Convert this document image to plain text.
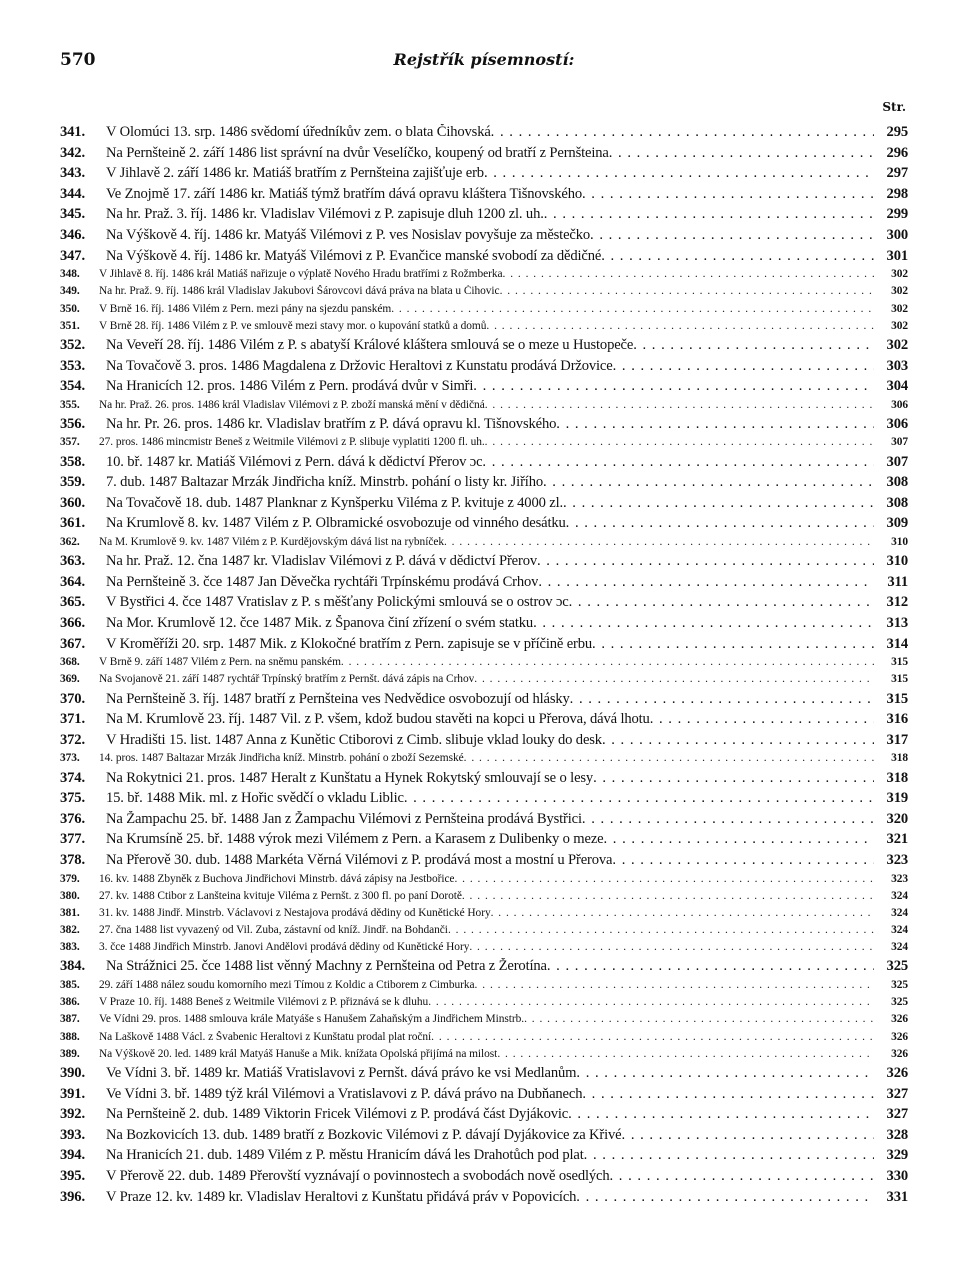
570	Rejstřík písemností:
Str.
341.	V Olomúci 13. srp. 1486 svědomí úředníkův zem. o blata Čihovská . . .	295
342.	Na Pernšteině 2. září 1486 list správní na dvůr Veselíčko, koupený od bratří z Pernšteina . . .	296
343.	V Jihlavě 2. září 1486 kr. Matiáš bratřím z Pernšteina zajišťuje erb . . .	297
344.	Ve Znojmě 17. září 1486 kr. Matiáš týmž bratřím dává opravu kláštera Tišnovského . . .	298
345.	Na hr. Praž. 3. říj. 1486 kr. Vladislav Vilémovi z P. zapisuje dluh 1200 zl. uh. . . .	299
346.	Na Výškově 4. říj. 1486 kr. Matyáš Vilémovi z P. ves Nosislav povyšuje za městečko . . .	300
347.	Na Výškově 4. říj. 1486 kr. Matyáš Vilémovi z P. Evančice manské svobodí za dědičné . . .	301
348.	V Jihlavě 8. říj. 1486 král Matiáš nařizuje o výplatě Nového Hradu bratřími z Rožmberka . . .	302
349.	Na hr. Praž. 9. říj. 1486 král Vladislav Jakubovi Šárovcovi dává práva na blata u Čihovic . . .	302
350.	V Brně 16. říj. 1486 Vilém z Pern. mezi pány na sjezdu panském . . .	302
351.	V Brně 28. říj. 1486 Vilém z P. ve smlouvě mezi stavy mor. o kupování statků a domů . . .	302
352.	Na Veveří 28. říj. 1486 Vilém z P. s abatyší Králové kláštera smlouvá se o meze u Hustopeče . . .	302
353.	Na Tovačově 3. pros. 1486 Magdalena z Držovic Heraltovi z Kunstatu prodává Držovice . . .	303
354.	Na Hranicích 12. pros. 1486 Vilém z Pern. prodává dvůr v Simři . . .	304
355.	Na hr. Praž. 26. pros. 1486 král Vladislav Vilémovi z P. zboží manská mění v dědičná . . .	306
356.	Na hr. Pr. 26. pros. 1486 kr. Vladislav bratřím z P. dává opravu kl. Tišnovského . . .	306
357.	27. pros. 1486 mincmistr Beneš z Weitmile Vilémovi z P. slibuje vyplatiti 1200 fl. uh. . . .	307
358.	10. bř. 1487 kr. Matiáš Vilémovi z Pern. dává k dědictví Přerov ɔc . . .	307
359.	7. dub. 1487 Baltazar Mrzák Jindřicha kníž. Minstrb. pohání o listy kr. Jiřího . . .	308
360.	Na Tovačově 18. dub. 1487 Planknar z Kynšperku Viléma z P. kvituje z 4000 zl. . . .	308
361.	Na Krumlově 8. kv. 1487 Vilém z P. Olbramické osvobozuje od vinného desátku . . .	309
362.	Na M. Krumlově 9. kv. 1487 Vilém z P. Kurdějovským dává list na rybníček . . .	310
363.	Na hr. Praž. 12. čna 1487 kr. Vladislav Vilémovi z P. dává v dědictví Přerov . . .	310
364.	Na Pernšteině 3. čce 1487 Jan Děvečka rychtáři Trpínskému prodává Crhov . . .	311
365.	V Bystřici 4. čce 1487 Vratislav z P. s měšťany Polickými smlouvá se o ostrov ɔc . . .	312
366.	Na Mor. Krumlově 12. čce 1487 Mik. z Španova činí zřízení o svém statku . . .	313
367.	V Kroměříži 20. srp. 1487 Mik. z Klokočné bratřím z Pern. zapisuje se v příčině erbu . . .	314
368.	V Brně 9. září 1487 Vilém z Pern. na sněmu panském . . .	315
369.	Na Svojanově 21. září 1487 rychtář Trpínský bratřím z Pernšt. dává zápis na Crhov . . .	315
370.	Na Pernšteině 3. říj. 1487 bratří z Pernšteina ves Nedvědice osvobozují od hlásky . . .	315
371.	Na M. Krumlově 23. říj. 1487 Vil. z P. všem, kdož budou stavěti na kopci u Přerova, dává lhotu . . .	316
372.	V Hradišti 15. list. 1487 Anna z Kunětic Ctiborovi z Cimb. slibuje vklad louky do desk . . .	317
373.	14. pros. 1487 Baltazar Mrzák Jindřicha kníž. Minstrb. pohání o zboží Sezemské . . .	318
374.	Na Rokytnici 21. pros. 1487 Heralt z Kunštatu a Hynek Rokytský smlouvají se o lesy . . .	318
375.	15. bř. 1488 Mik. ml. z Hořic svědčí o vkladu Liblic . . .	319
376.	Na Žampachu 25. bř. 1488 Jan z Žampachu Vilémovi z Pernšteina prodává Bystřici . . .	320
377.	Na Krumsíně 25. bř. 1488 výrok mezi Vilémem z Pern. a Karasem z Dulibenky o meze . . .	321
378.	Na Přerově 30. dub. 1488 Markéta Věrná Vilémovi z P. prodává most a mostní u Přerova . . .	323
379.	16. kv. 1488 Zbyněk z Buchova Jindřichovi Minstrb. dává zápisy na Jestbořice . . .	323
380.	27. kv. 1488 Ctibor z Lanšteina kvituje Viléma z Pernšt. z 300 fl. po paní Dorotě . . .	324
381.	31. kv. 1488 Jindř. Minstrb. Václavovi z Nestajova prodává dědiny od Kunětické Hory . . .	324
382.	27. čna 1488 list vyvazený od Vil. Zuba, zástavní od kníž. Jindř. na Bohdanči . . .	324
383.	3. čce 1488 Jindřich Minstrb. Janovi Andělovi prodává dědiny od Kunětické Hory . . .	324
384.	Na Strážnici 25. čce 1488 list věnný Machny z Pernšteina od Petra z Žerotína . . .	325
385.	29. září 1488 nález soudu komorního mezi Tímou z Koldic a Ctiborem z Cimburka . . .	325
386.	V Praze 10. říj. 1488 Beneš z Weitmile Vilémovi z P. přiznává se k dluhu . . .	325
387.	Ve Vídni 29. pros. 1488 smlouva krále Matyáše s Hanušem Zahaňským a Jindřichem Minstrb. . . .	326
388.	Na Laškově 1488 Václ. z Švabenic Heraltovi z Kunštatu prodal plat roční . . .	326
389.	Na Výškově 20. led. 1489 král Matyáš Hanuše a Mik. knížata Opolská přijímá na milost . . .	326
390.	Ve Vídni 3. bř. 1489 kr. Matiáš Vratislavovi z Pernšt. dává právo ke vsi Medlanům . . .	326
391.	Ve Vídni 3. bř. 1489 týž král Vilémovi a Vratislavovi z P. dává právo na Dubňanech . . .	327
392.	Na Pernšteině 2. dub. 1489 Viktorin Fricek Vilémovi z P. prodává část Dyjákovic . . .	327
393.	Na Bozkovicích 13. dub. 1489 bratří z Bozkovic Vilémovi z P. dávají Dyjákovice za Křivé . . .	328
394.	Na Hranicích 21. dub. 1489 Vilém z P. městu Hranicím dává les Drahotůch pod plat . . .	329
395.	V Přerově 22. dub. 1489 Přerovští vyznávají o povinnostech a svobodách nově osedlých . . .	330
396.	V Praze 12. kv. 1489 kr. Vladislav Heraltovi z Kunštatu přidává práv v Popovicích . . .	331
